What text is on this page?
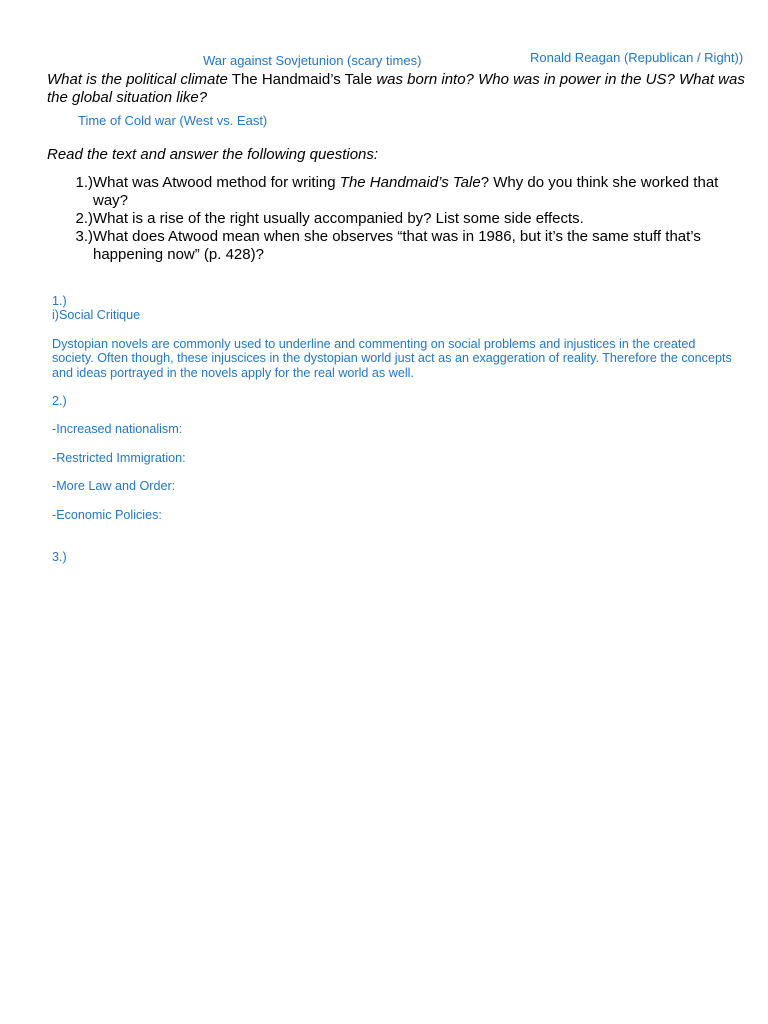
War against Sovjetunion (scary times)	Ronald Reagan (Republican / Right))
What is the political climate The Handmaid’s Tale was born into? Who was in power in the US? What was the global situation like?
Time of Cold war (West vs. East)
Read the text and answer the following questions:
1.) What was Atwood method for writing The Handmaid’s Tale? Why do you think she worked that way?
2.) What is a rise of the right usually accompanied by? List some side effects.
3.) What does Atwood mean when she observes “that was in 1986, but it’s the same stuff that’s happening now” (p. 428)?

1.)

i)Social Critique

Dystopian novels are commonly used to underline and commenting on social problems and injustices in the created society. Often though, these injuscices in the dystopian world just act as an exaggeration of reality. Therefore the concepts and ideas portrayed in the novels apply for the real world as well.

2.)

-Increased nationalism:

-Restricted Immigration:

-More Law and Order:

-Economic Policies:

3.)
